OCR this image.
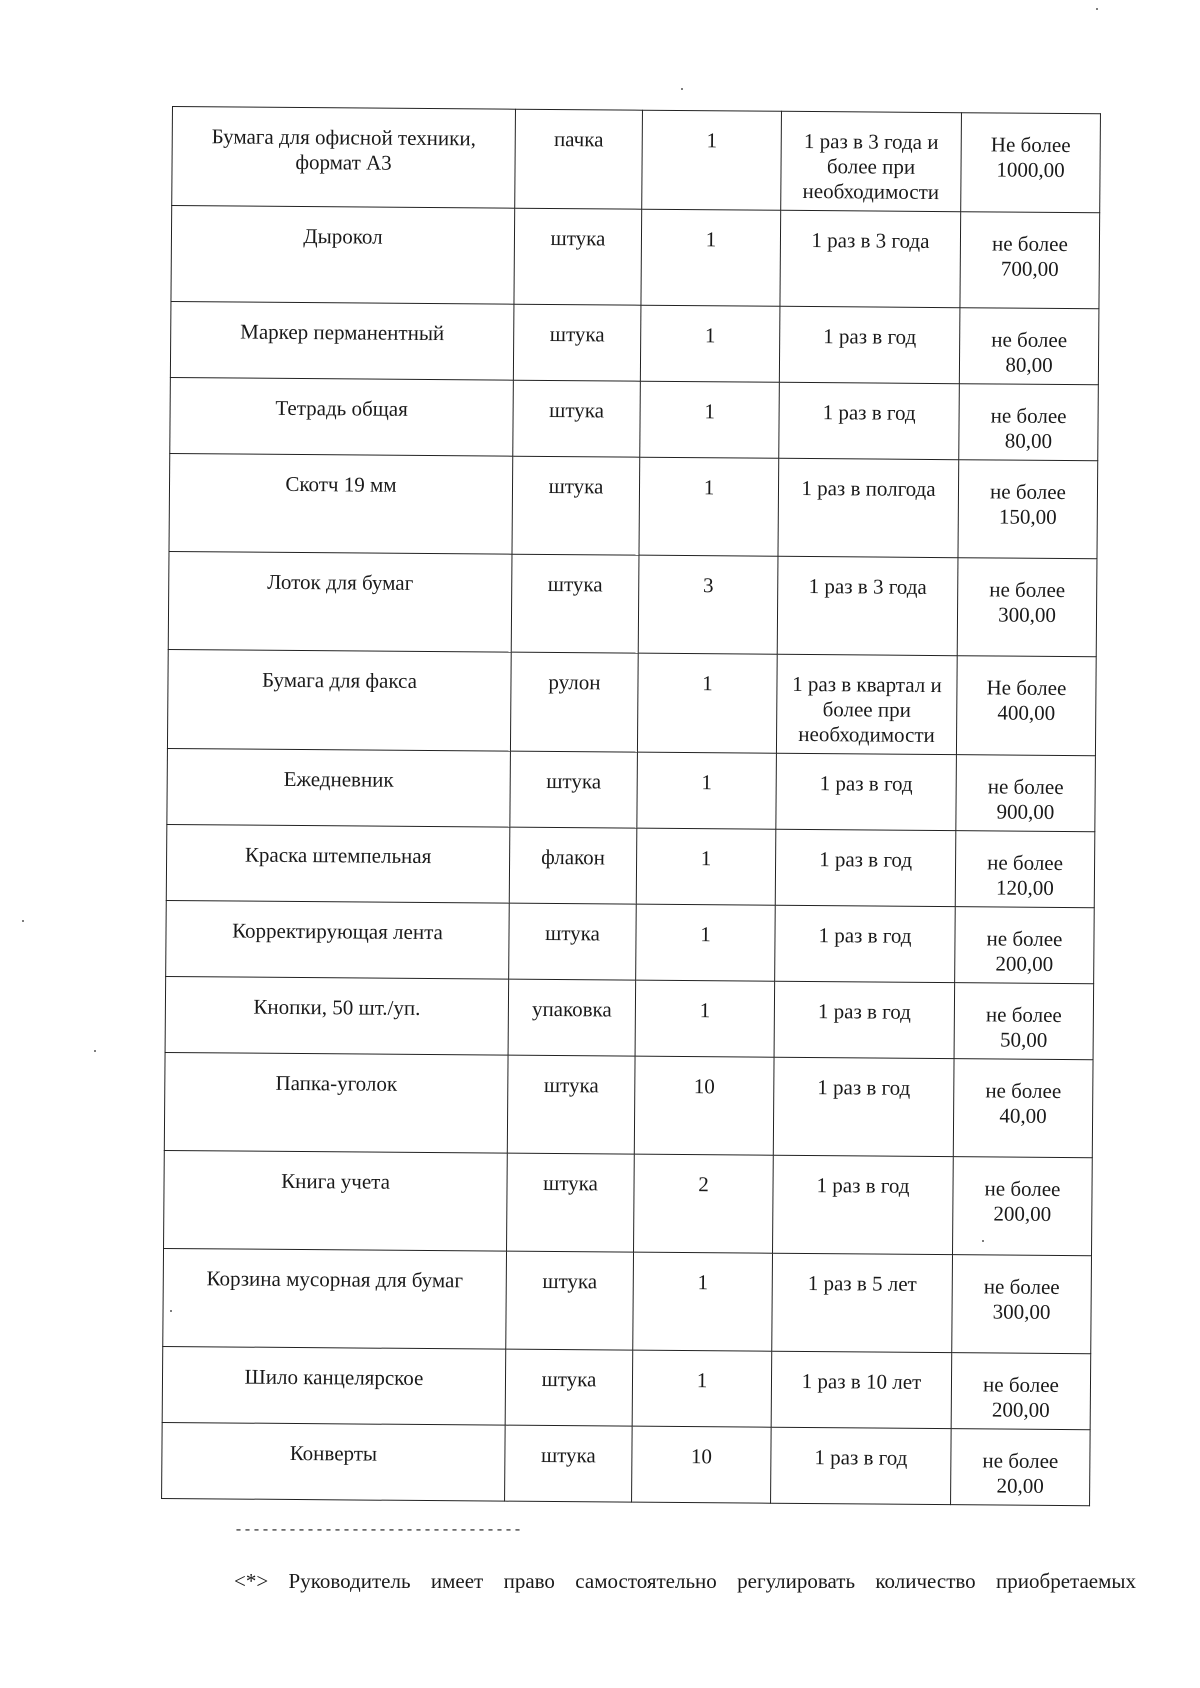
Бумага для офисной техники, формат А3	пачка	1	1 раз в 3 года и более при необходимости	Не более 1000,00
Дырокол	штука	1	1 раз в 3 года	не более 700,00
Маркер перманентный	штука	1	1 раз в год	не более 80,00
Тетрадь общая	штука	1	1 раз в год	не более 80,00
Скотч 19 мм	штука	1	1 раз в полгода	не более 150,00
Лоток для бумаг	штука	3	1 раз в 3 года	не более 300,00
Бумага для факса	рулон	1	1 раз в квартал и более при необходимости	Не более 400,00
Ежедневник	штука	1	1 раз в год	не более 900,00
Краска штемпельная	флакон	1	1 раз в год	не более 120,00
Корректирующая лента	штука	1	1 раз в год	не более 200,00
Кнопки, 50 шт./уп.	упаковка	1	1 раз в год	не более 50,00
Папка-уголок	штука	10	1 раз в год	не более 40,00
Книга учета	штука	2	1 раз в год	не более 200,00
Корзина мусорная для бумаг	штука	1	1 раз в 5 лет	не более 300,00
Шило канцелярское	штука	1	1 раз в 10 лет	не более 200,00
Конверты	штука	10	1 раз в год	не более 20,00
--------------------------------
<*> Руководитель имеет право самостоятельно регулировать количество приобретаемых
